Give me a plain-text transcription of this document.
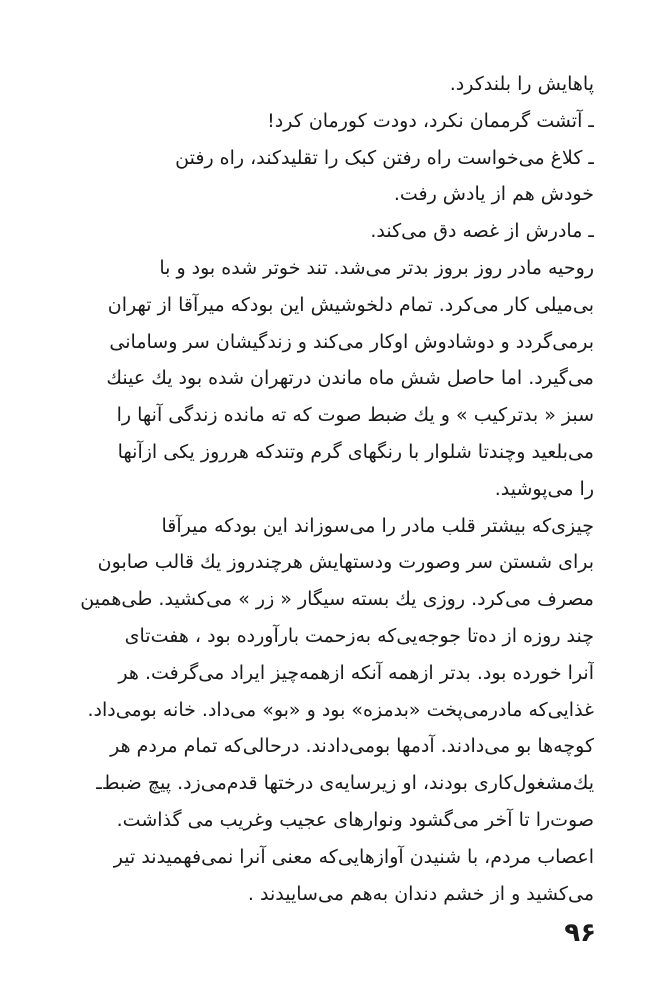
پاهایش را بلندکرد.
ـ آتشت گرممان نکرد، دودت کورمان کرد!
ـ کلاغ می‌خواست راه رفتن کبک را تقلیدکند، راه رفتن
خودش هم از یادش رفت.
ـ مادرش از غصه دق می‌کند.
روحیه مادر روز بروز بدتر می‌شد. تند خوتر شده بود و با
بی‌میلی کار می‌کرد. تمام دلخوشیش این بودکه میرآقا از تهران
برمی‌گردد و دوشادوش اوکار می‌کند و زندگیشان سر وسامانی
می‌گیرد. اما حاصل شش ماه ماندن درتهران شده بود یك عینك
سبز « بدترکیب » و یك ضبط صوت که ته مانده زندگی آنها را
می‌بلعید وچندتا شلوار با رنگهای گرم وتندکه هرروز یکی ازآنها
را می‌پوشید.
چیزی‌که بیشتر قلب مادر را می‌سوزاند این بودکه میرآقا
برای شستن سر وصورت ودستهایش هرچندروز یك قالب صابون
مصرف می‌کرد. روزی یك بسته سیگار « زر » می‌کشید. طی‌همین
چند روزه از ده‌تا جوجه‌یی‌که به‌زحمت بارآورده بود ، هفت‌تای
آنرا خورده بود. بدتر ازهمه آنکه ازهمه‌چیز ایراد می‌گرفت. هر
غذایی‌که مادرمی‌پخت «بدمزه» بود و «بو» می‌داد. خانه بومی‌داد.
کوچه‌ها بو می‌دادند. آدمها بومی‌دادند. درحالی‌که تمام مردم هر
یك‌مشغول‌کاری بودند، او زیرسایه‌ی درختها قدم‌می‌زد. پیچ ضبط‌ـ
صوت‌را تا آخر می‌گشود ونوارهای عجیب وغریب می گذاشت.
اعصاب مردم، با شنیدن آوازهایی‌که معنی آنرا نمی‌فهمیدند تیر
می‌کشید و از خشم دندان به‌هم می‌ساییدند .
۹۶
